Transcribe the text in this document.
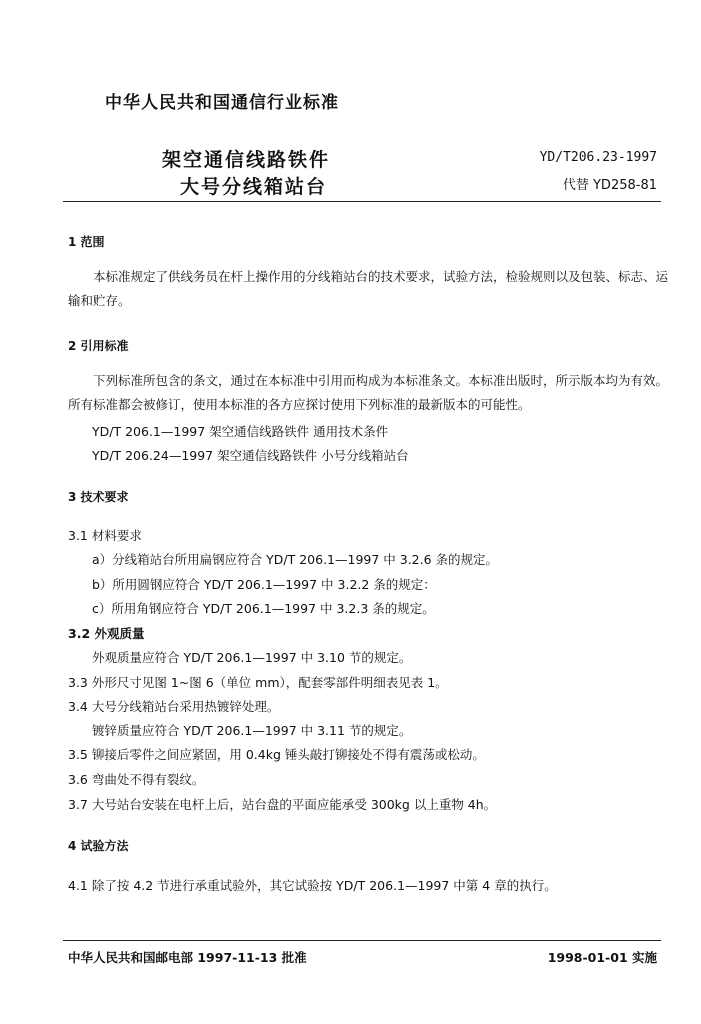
中华人民共和国通信行业标准
架空通信线路铁件
大号分线箱站台
YD/T206.23-1997
代替 YD258-81
1 范围
本标准规定了供线务员在杆上操作用的分线箱站台的技术要求，试验方法，检验规则以及包装、标志、运输和贮存。
2 引用标准
下列标准所包含的条文，通过在本标准中引用而构成为本标准条文。本标准出版时，所示版本均为有效。所有标准都会被修订，使用本标准的各方应探讨使用下列标准的最新版本的可能性。
YD/T 206.1—1997 架空通信线路铁件 通用技术条件
YD/T 206.24—1997 架空通信线路铁件 小号分线箱站台
3 技术要求
3.1 材料要求
a）分线箱站台所用扁钢应符合 YD/T 206.1—1997 中 3.2.6 条的规定。
b）所用圆钢应符合 YD/T 206.1—1997 中 3.2.2 条的规定：
c）所用角钢应符合 YD/T 206.1—1997 中 3.2.3 条的规定。
3.2 外观质量
外观质量应符合 YD/T 206.1—1997 中 3.10 节的规定。
3.3 外形尺寸见图 1~图 6（单位 mm），配套零部件明细表见表 1。
3.4 大号分线箱站台采用热镀锌处理。
镀锌质量应符合 YD/T 206.1—1997 中 3.11 节的规定。
3.5 铆接后零件之间应紧固，用 0.4kg 锤头敲打铆接处不得有震荡或松动。
3.6 弯曲处不得有裂纹。
3.7 大号站台安装在电杆上后，站台盘的平面应能承受 300kg 以上重物 4h。
4 试验方法
4.1 除了按 4.2 节进行承重试验外，其它试验按 YD/T 206.1—1997 中第 4 章的执行。
中华人民共和国邮电部 1997-11-13 批准	1998-01-01 实施
